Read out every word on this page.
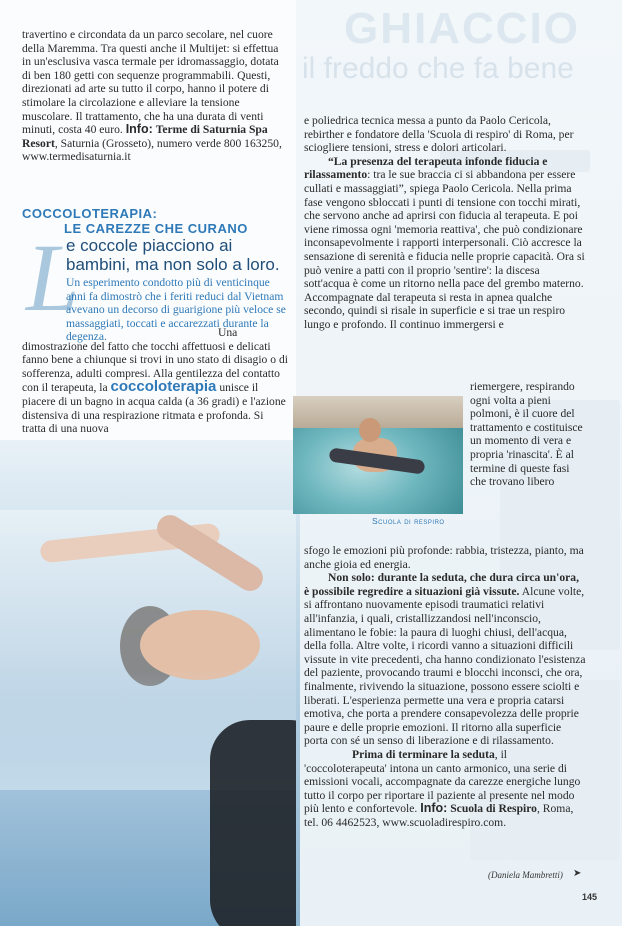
GHIACCIO
il freddo che fa bene

travertino e circondata da un parco secolare, nel cuore della Maremma. Tra questi anche il Multijet: si effettua in un'esclusiva vasca termale per idromassaggio, dotata di ben 180 getti con sequenze programmabili. Questi, direzionati ad arte su tutto il corpo, hanno il potere di stimolare la circolazione e alleviare la tensione muscolare. Il trattamento, che ha una durata di venti minuti, costa 40 euro. Info: Terme di Saturnia Spa Resort, Saturnia (Grosseto), numero verde 800 163250, www.termedisaturnia.it

COCCOLOTERAPIA:
LE CAREZZE CHE CURANO
L
e coccole piacciono ai bambini, ma non solo a loro.

Un esperimento condotto più di venticinque anni fa dimostrò che i feriti reduci dal Vietnam avevano un decorso di guarigione più veloce se massaggiati, toccati e accarezzati durante la degenza.	Una dimostrazione del fatto che tocchi affettuosi e delicati fanno bene a chiunque si trovi in uno stato di disagio o di sofferenza, adulti compresi. Alla gentilezza del contatto con il terapeuta, la coccoloterapia unisce il piacere di un bagno in acqua calda (a 36 gradi) e l'azione distensiva di una respirazione ritmata e profonda. Si tratta di una nuova

e poliedrica tecnica messa a punto da Paolo Cericola, rebirther e fondatore della 'Scuola di respiro' di Roma, per sciogliere tensioni, stress e dolori articolari.

“La presenza del terapeuta infonde fiducia e rilassamento: tra le sue braccia ci si abbandona per essere cullati e massaggiati”, spiega Paolo Cericola. Nella prima fase vengono sbloccati i punti di tensione con tocchi mirati, che servono anche ad aprirsi con fiducia al terapeuta. E poi viene rimossa ogni 'memoria reattiva', che può condizionare inconsapevolmente i rapporti interpersonali. Ciò accresce la sensazione di serenità e fiducia nelle proprie capacità. Ora si può venire a patti con il proprio 'sentire': la discesa sott'acqua è come un ritorno nella pace del grembo materno. Accompagnate dal terapeuta si resta in apnea qualche secondo, quindi si risale in superficie e si trae un respiro lungo e profondo. Il continuo immergersi e

Scuola di respiro

riemergere, respirando ogni volta a pieni polmoni, è il cuore del trattamento e costituisce un momento di vera e propria 'rinascita'. È al termine di queste fasi che trovano libero

sfogo le emozioni più profonde: rabbia, tristezza, pianto, ma anche gioia ed energia.

Non solo: durante la seduta, che dura circa un'ora, è possibile regredire a situazioni già vissute. Alcune volte, si affrontano nuovamente episodi traumatici relativi all'infanzia, i quali, cristallizzandosi nell'inconscio, alimentano le fobie: la paura di luoghi chiusi, dell'acqua, della folla. Altre volte, i ricordi vanno a situazioni difficili vissute in vite precedenti, cha hanno condizionato l'esistenza del paziente, provocando traumi e blocchi inconsci, che ora, finalmente, rivivendo la situazione, possono essere sciolti e liberati. L'esperienza permette una vera e propria catarsi emotiva, che porta a prendere consapevolezza delle proprie paure e delle proprie emozioni. Il ritorno alla superficie porta con sé un senso di liberazione e di rilassamento.

Prima di terminare la seduta, il 'coccoloterapeuta' intona un canto armonico, una serie di emissioni vocali, accompagnate da carezze energiche lungo tutto il corpo per riportare il paziente al presente nel modo più lento e confortevole. Info: Scuola di Respiro, Roma, tel. 06 4462523, www.scuoladirespiro.com.

(Daniela Mambretti) ➤
145
